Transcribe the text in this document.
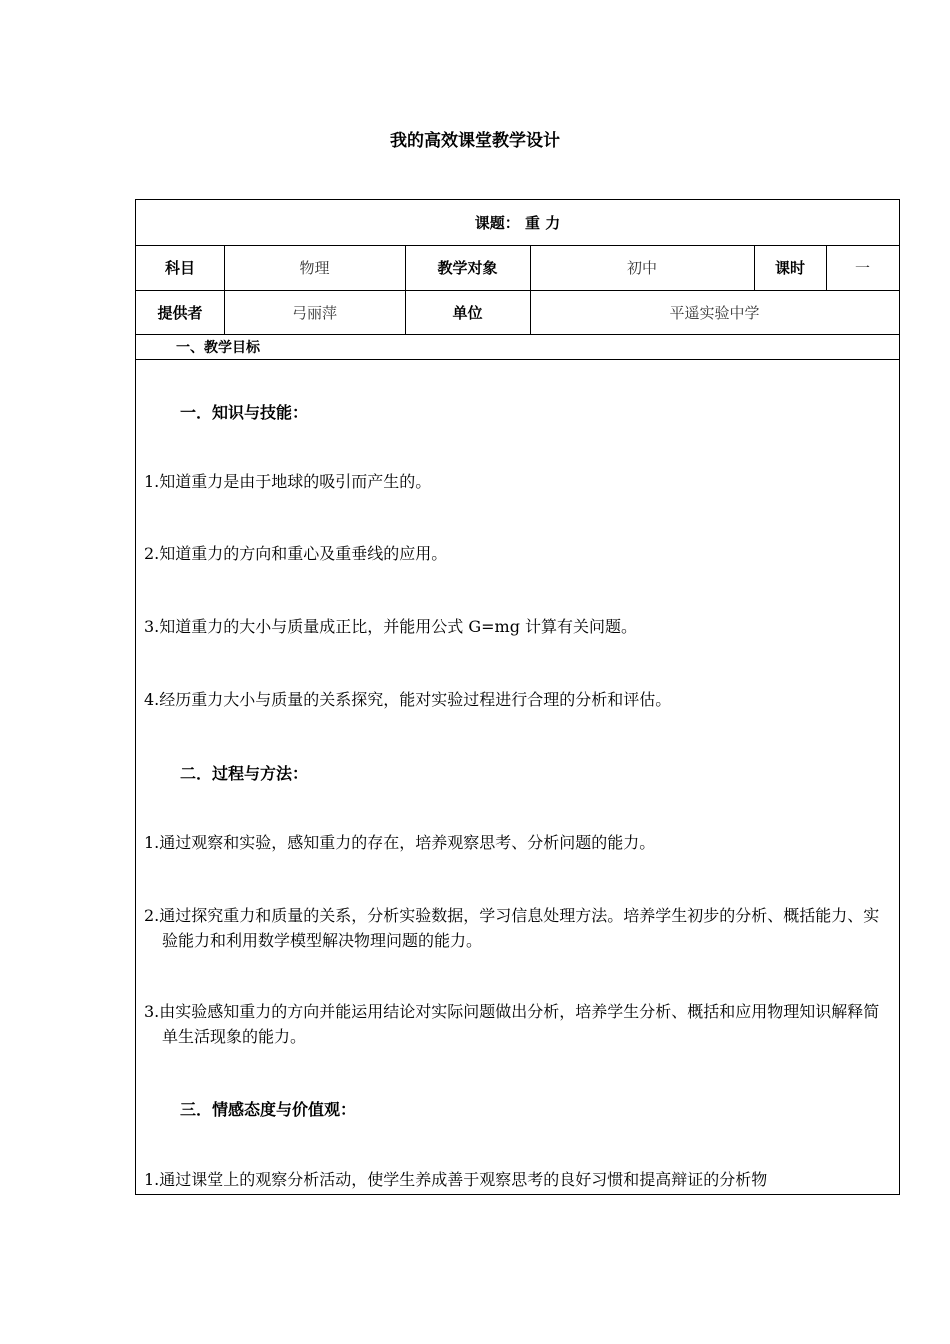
我的高效课堂教学设计
课题： 重 力
科目	物理	教学对象	初中	课时	一
提供者	弓丽萍	单位	平遥实验中学
一、教学目标
一．知识与技能：
1.知道重力是由于地球的吸引而产生的。
2.知道重力的方向和重心及重垂线的应用。
3.知道重力的大小与质量成正比，并能用公式 G=mg 计算有关问题。
4.经历重力大小与质量的关系探究，能对实验过程进行合理的分析和评估。
二．过程与方法：
1.通过观察和实验，感知重力的存在，培养观察思考、分析问题的能力。
2.通过探究重力和质量的关系，分析实验数据，学习信息处理方法。培养学生初步的分析、概括能力、实验能力和利用数学模型解决物理问题的能力。
3.由实验感知重力的方向并能运用结论对实际问题做出分析，培养学生分析、概括和应用物理知识解释简单生活现象的能力。
三．情感态度与价值观：
1.通过课堂上的观察分析活动，使学生养成善于观察思考的良好习惯和提高辩证的分析物
